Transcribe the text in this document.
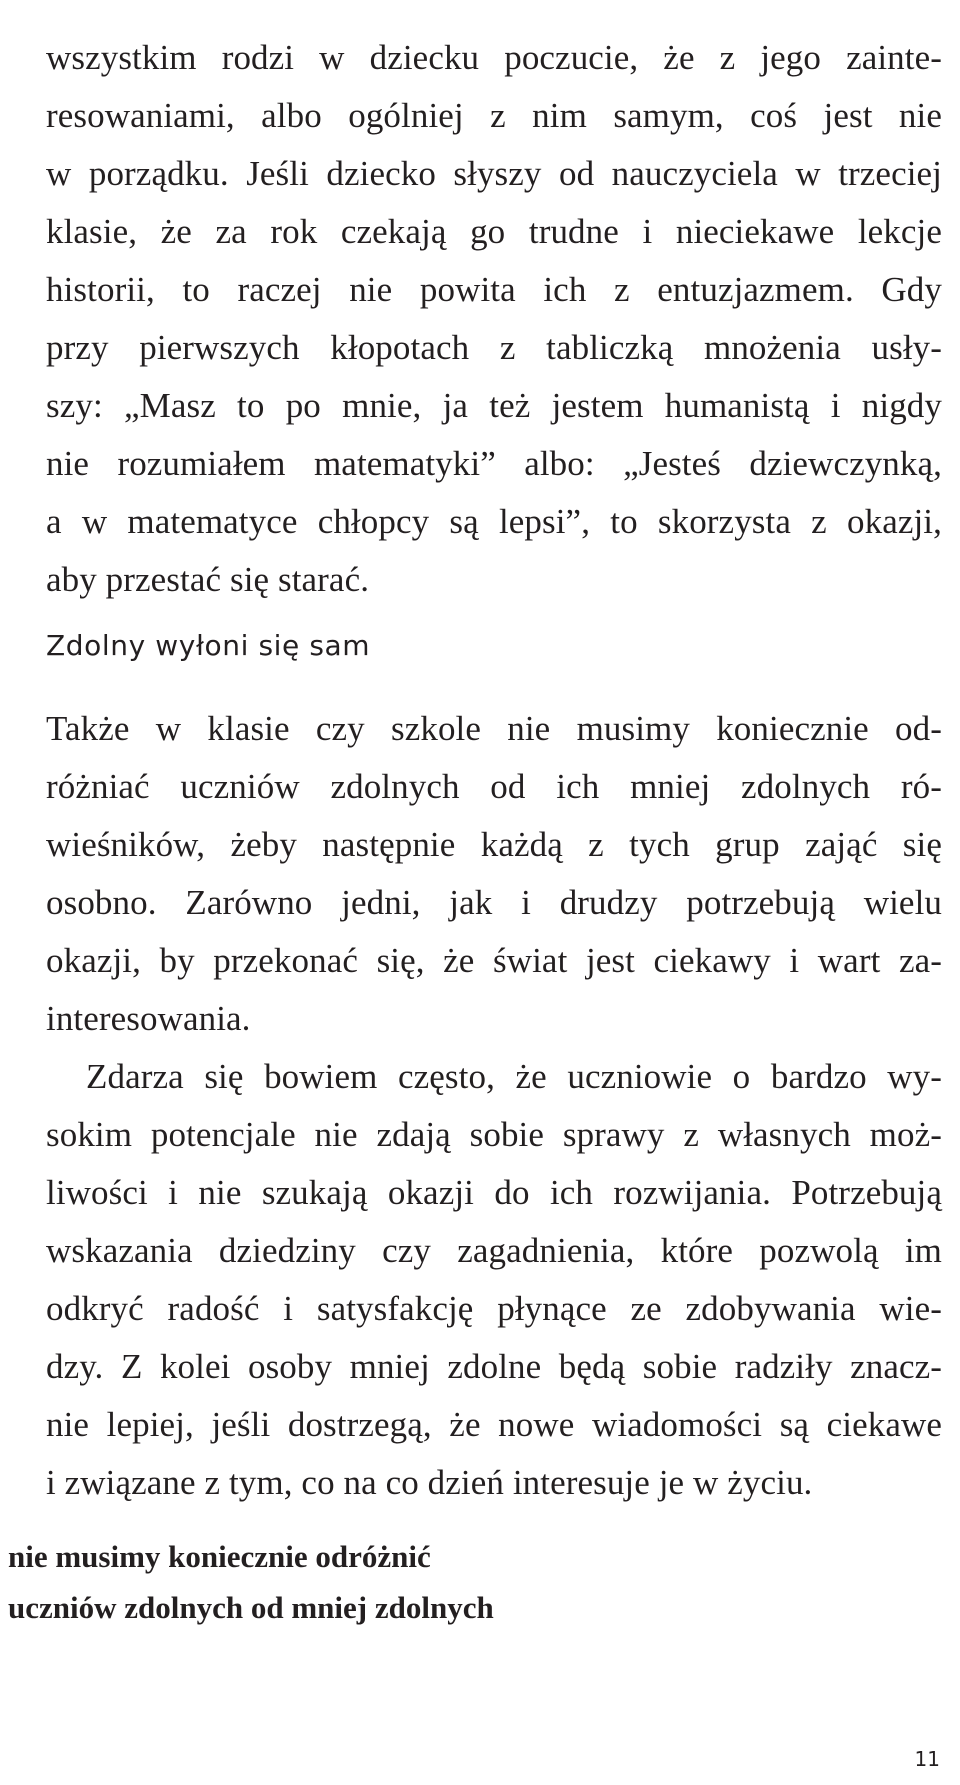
wszystkim rodzi w dziecku poczucie, że z jego zainte-
resowaniami, albo ogólniej z nim samym, coś jest nie
w porządku. Jeśli dziecko słyszy od nauczyciela w trzeciej
klasie, że za rok czekają go trudne i nieciekawe lekcje
historii, to raczej nie powita ich z entuzjazmem. Gdy
przy pierwszych kłopotach z tabliczką mnożenia usły-
szy: „Masz to po mnie, ja też jestem humanistą i nigdy
nie rozumiałem matematyki” albo: „Jesteś dziewczynką,
a w matematyce chłopcy są lepsi”, to skorzysta z okazji,
aby przestać się starać.
Zdolny wyłoni się sam
Także w klasie czy szkole nie musimy koniecznie od-
różniać uczniów zdolnych od ich mniej zdolnych ró-
wieśników, żeby następnie każdą z tych grup zająć się
osobno. Zarówno jedni, jak i drudzy potrzebują wielu
okazji, by przekonać się, że świat jest ciekawy i wart za-
interesowania.
Zdarza się bowiem często, że uczniowie o bardzo wy-
sokim potencjale nie zdają sobie sprawy z własnych moż-
liwości i nie szukają okazji do ich rozwijania. Potrzebują
wskazania dziedziny czy zagadnienia, które pozwolą im
odkryć radość i satysfakcję płynące ze zdobywania wie-
dzy. Z kolei osoby mniej zdolne będą sobie radziły znacz-
nie lepiej, jeśli dostrzegą, że nowe wiadomości są ciekawe
i związane z tym, co na co dzień interesuje je w życiu.
nie musimy koniecznie odróżnić
uczniów zdolnych od mniej zdolnych
11
